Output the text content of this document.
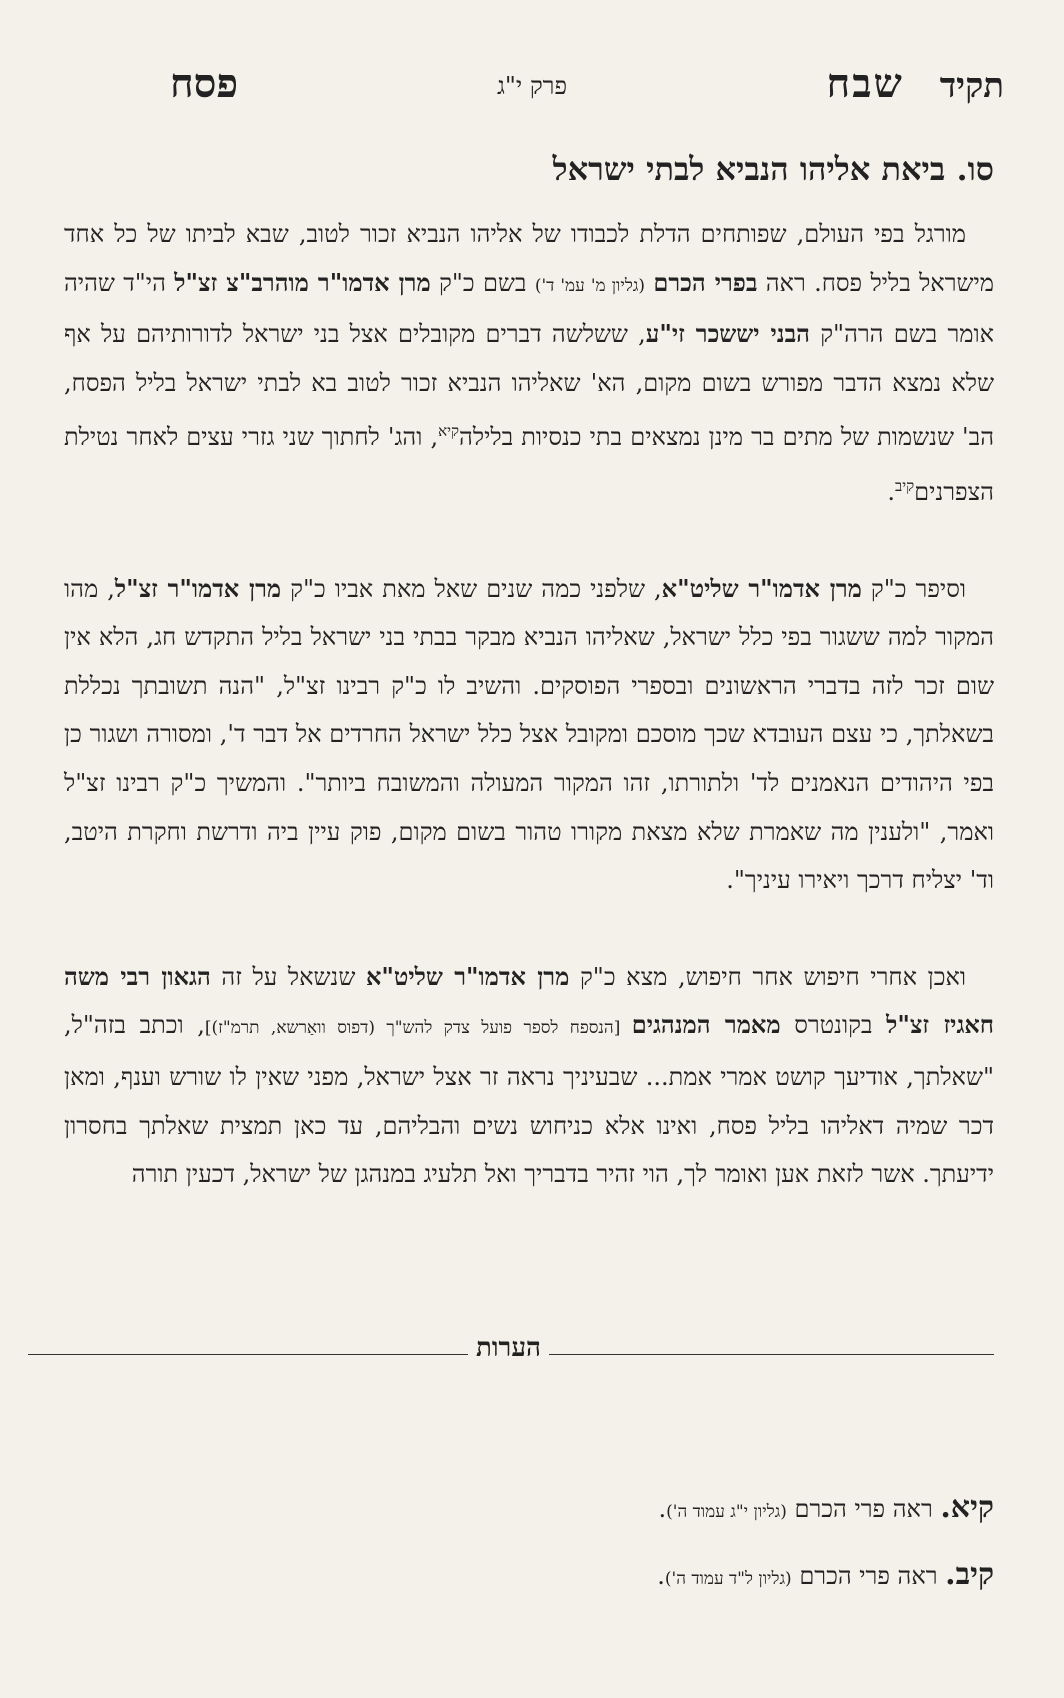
תקיד
שבח
פרק י"ג
פסח
סו. ביאת אליהו הנביא לבתי ישראל

מורגל בפי העולם, שפותחים הדלת לכבודו של אליהו הנביא זכור לטוב, שבא לביתו של כל אחד מישראל בליל פסח. ראה בפרי הכרם (גליון מ' עמ' ד') בשם כ"ק מרן אדמו"ר מוהרב"צ זצ"ל הי"ד שהיה אומר בשם הרה"ק הבני יששכר זי"ע, ששלשה דברים מקובלים אצל בני ישראל לדורותיהם על אף שלא נמצא הדבר מפורש בשום מקום, הא' שאליהו הנביא זכור לטוב בא לבתי ישראל בליל הפסח, הב' שנשמות של מתים בר מינן נמצאים בתי כנסיות בלילה$^{קיא}$, והג' לחתוך שני גזרי עצים לאחר נטילת הצפרנים$^{קיב}$.

וסיפר כ"ק מרן אדמו"ר שליט"א, שלפני כמה שנים שאל מאת אביו כ"ק מרן אדמו"ר זצ"ל, מהו המקור למה ששגור בפי כלל ישראל, שאליהו הנביא מבקר בבתי בני ישראל בליל התקדש חג, הלא אין שום זכר לזה בדברי הראשונים ובספרי הפוסקים. והשיב לו כ"ק רבינו זצ"ל, "הנה תשובתך נכללת בשאלתך, כי עצם העובדא שכך מוסכם ומקובל אצל כלל ישראל החרדים אל דבר ד', ומסורה ושגור כן בפי היהודים הנאמנים לד' ולתורתו, זהו המקור המעולה והמשובח ביותר". והמשיך כ"ק רבינו זצ"ל ואמר, "ולענין מה שאמרת שלא מצאת מקורו טהור בשום מקום, פוק עיין ביה ודרשת וחקרת היטב, וד' יצליח דרכך ויאירו עיניך".

ואכן אחרי חיפוש אחר חיפוש, מצא כ"ק מרן אדמו"ר שליט"א שנשאל על זה הגאון רבי משה חאגיז זצ"ל בקונטרס מאמר המנהגים [הנספח לספר פועל צדק להש"ך (דפוס וואַרשא, תרמ"ז)], וכתב בזה"ל, "שאלתך, אודיעך קושט אמרי אמת... שבעיניך נראה זר אצל ישראל, מפני שאין לו שורש וענף, ומאן דכר שמיה דאליהו בליל פסח, ואינו אלא כניחוש נשים והבליהם, עד כאן תמצית שאלתך בחסרון ידיעתך. אשר לזאת אען ואומר לך, הוי זהיר בדבריך ואל תלעיג במנהגן של ישראל, דכעין תורה

הערות
קיא. ראה פרי הכרם (גליון י"ג עמוד ה').
קיב. ראה פרי הכרם (גליון ל"ד עמוד ה').
